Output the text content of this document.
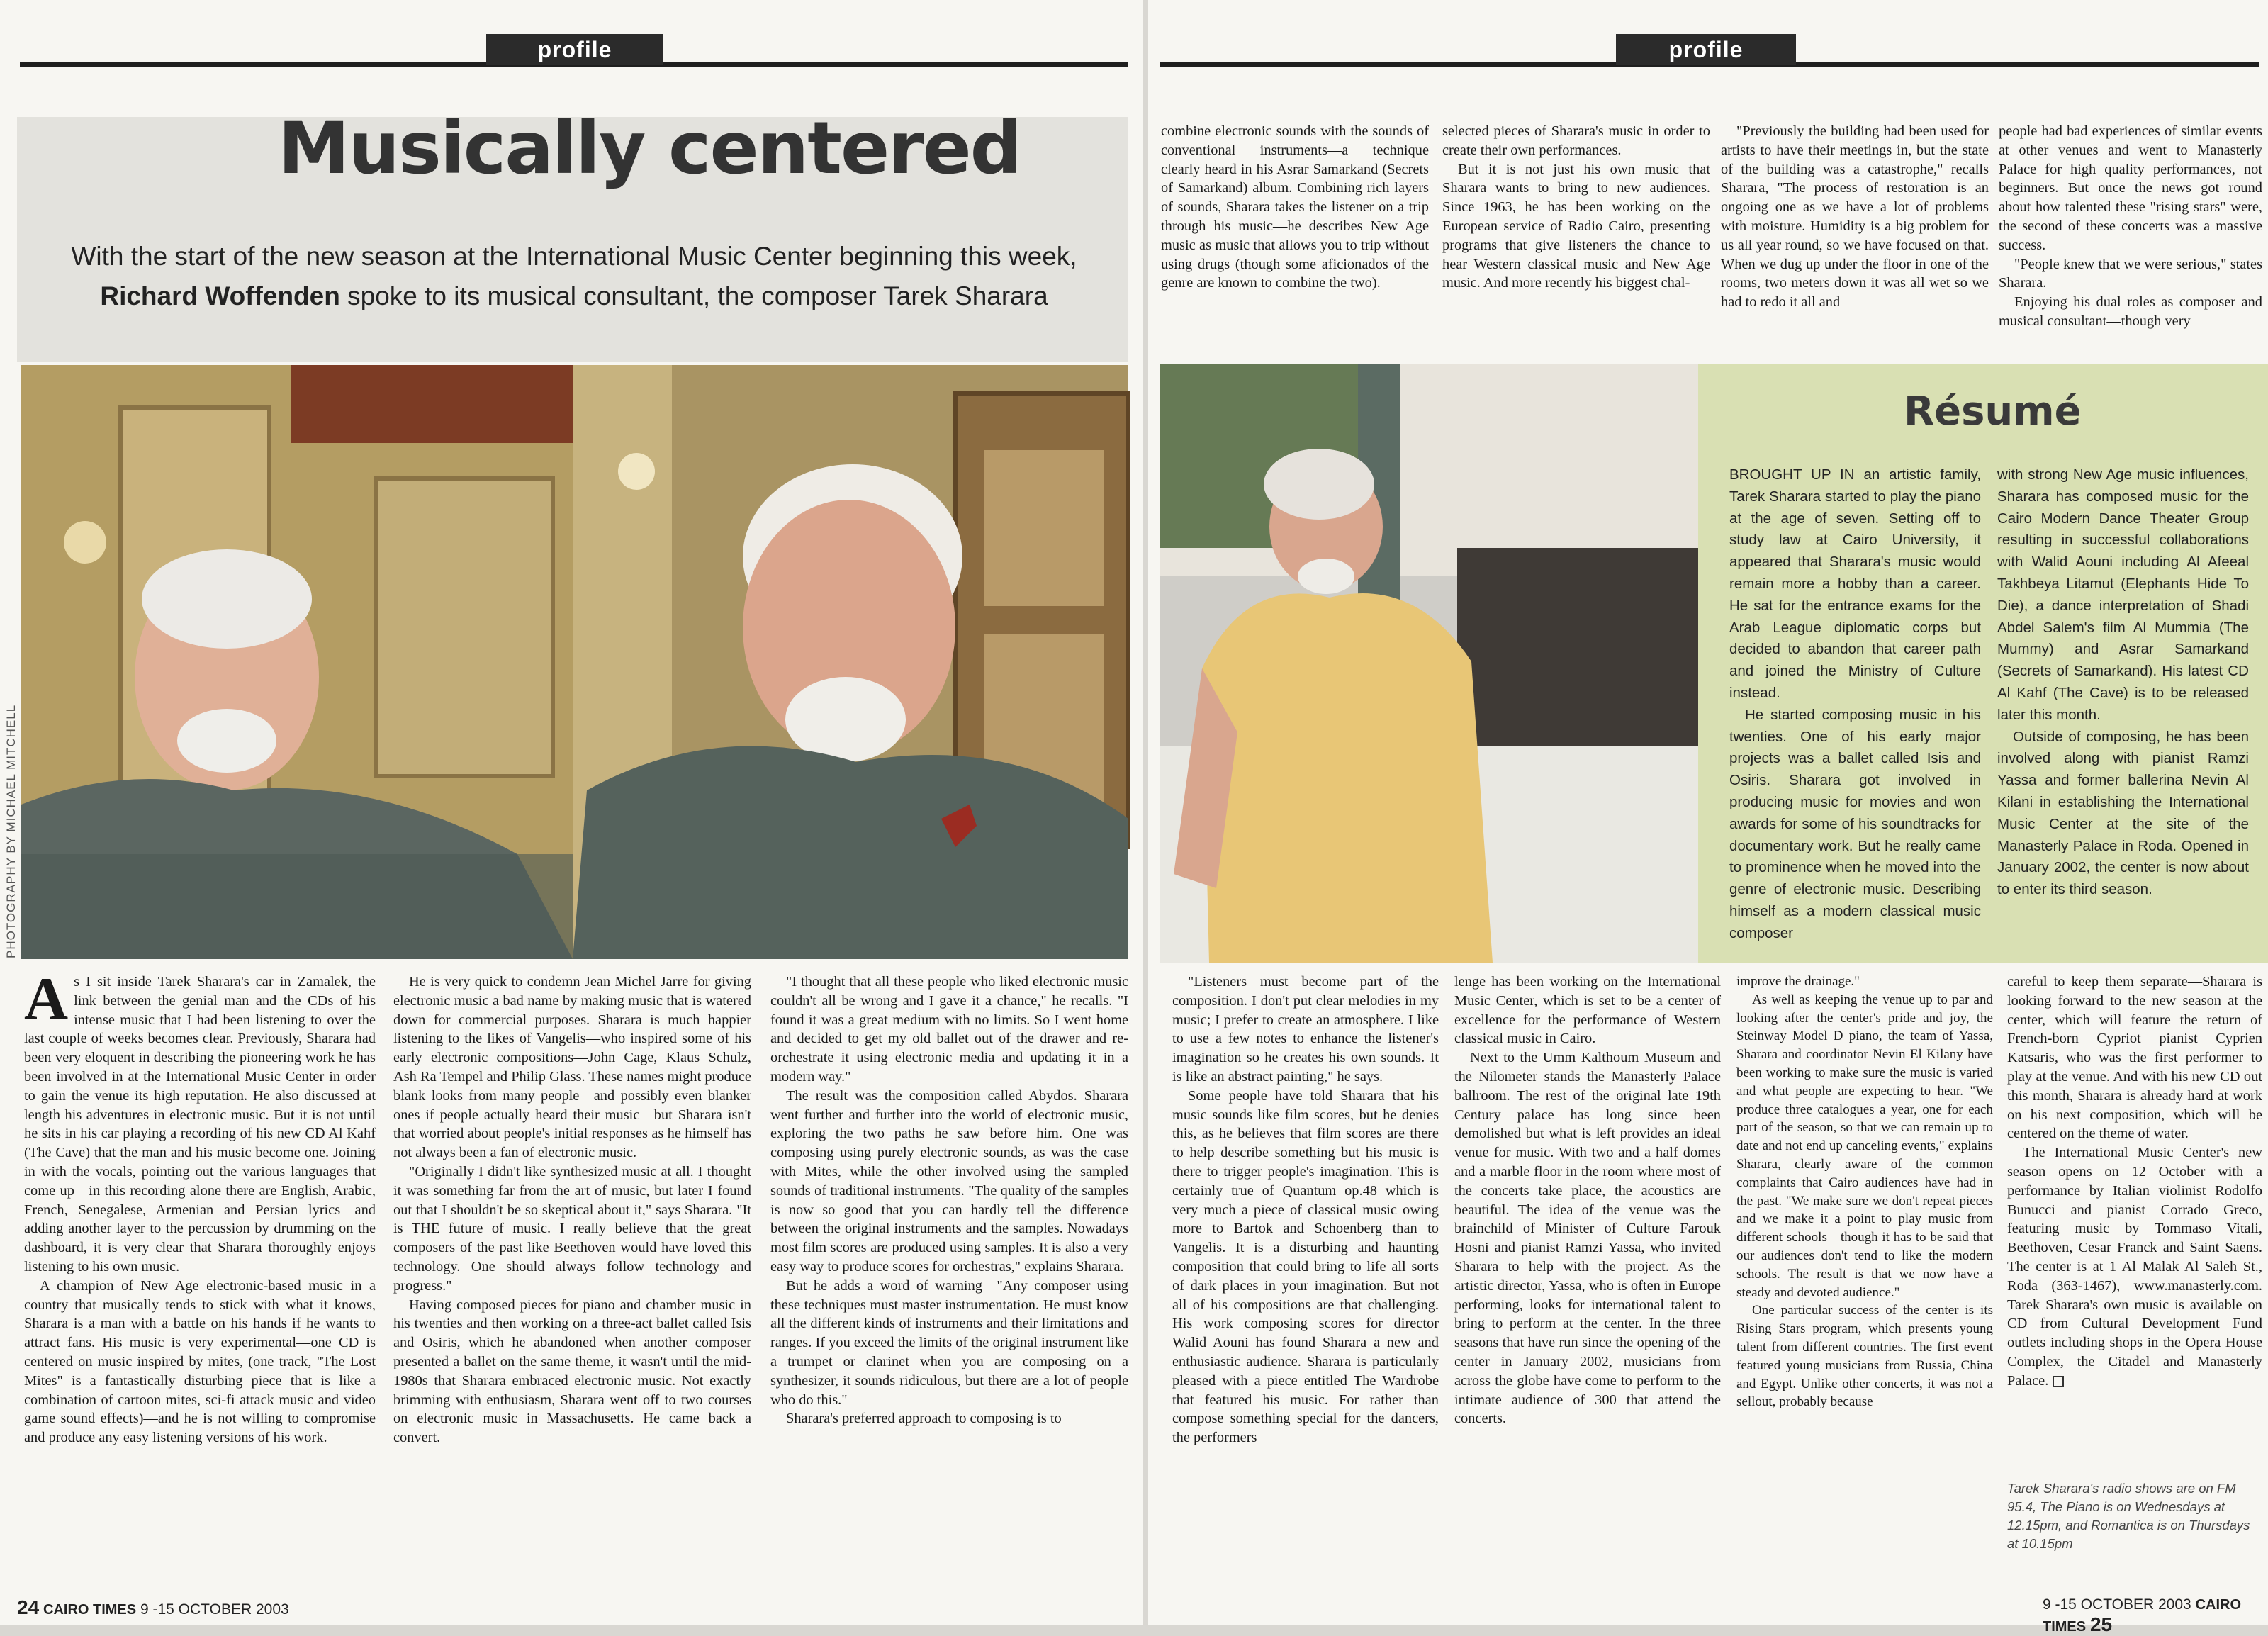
profile
Musically centered
With the start of the new season at the International Music Center beginning this week,
Richard Woffenden spoke to its musical consultant, the composer Tarek Sharara
PHOTOGRAPHY BY MICHAEL MITCHELL

As I sit inside Tarek Sharara's car in Zamalek, the link between the genial man and the CDs of his intense music that I had been listening to over the last couple of weeks becomes clear. Previously, Sharara had been very eloquent in describing the pioneering work he has been involved in at the International Music Center in order to gain the venue its high reputation. He also discussed at length his adventures in electronic music. But it is not until he sits in his car playing a recording of his new CD Al Kahf (The Cave) that the man and his music become one. Joining in with the vocals, pointing out the various languages that come up—in this recording alone there are English, Arabic, French, Senegalese, Armenian and Persian lyrics—and adding another layer to the percussion by drumming on the dashboard, it is very clear that Sharara thoroughly enjoys listening to his own music.

A champion of New Age electronic-based music in a country that musically tends to stick with what it knows, Sharara is a man with a battle on his hands if he wants to attract fans. His music is very experimental—one CD is centered on music inspired by mites, (one track, "The Lost Mites" is a fantastically disturbing piece that is like a combination of cartoon mites, sci-fi attack music and video game sound effects)—and he is not willing to compromise and produce any easy listening versions of his work.

He is very quick to condemn Jean Michel Jarre for giving electronic music a bad name by making music that is watered down for commercial purposes. Sharara is much happier listening to the likes of Vangelis—who inspired some of his early electronic compositions—John Cage, Klaus Schulz, Ash Ra Tempel and Philip Glass. These names might produce blank looks from many people—and possibly even blanker ones if people actually heard their music—but Sharara isn't that worried about people's initial responses as he himself has not always been a fan of electronic music.

"Originally I didn't like synthesized music at all. I thought it was something far from the art of music, but later I found out that I shouldn't be so skeptical about it," says Sharara. "It is THE future of music. I really believe that the great composers of the past like Beethoven would have loved this technology. One should always follow technology and progress."

Having composed pieces for piano and chamber music in his twenties and then working on a three-act ballet called Isis and Osiris, which he abandoned when another composer presented a ballet on the same theme, it wasn't until the mid-1980s that Sharara embraced electronic music. Not exactly brimming with enthusiasm, Sharara went off to two courses on electronic music in Massachusetts. He came back a convert.

"I thought that all these people who liked electronic music couldn't all be wrong and I gave it a chance," he recalls. "I found it was a great medium with no limits. So I went home and decided to get my old ballet out of the drawer and re-orchestrate it using electronic media and updating it in a modern way."

The result was the composition called Abydos. Sharara went further and further into the world of electronic music, exploring the two paths he saw before him. One was composing using purely electronic sounds, as was the case with Mites, while the other involved using the sampled sounds of traditional instruments. "The quality of the samples is now so good that you can hardly tell the difference between the original instruments and the samples. Nowadays most film scores are produced using samples. It is also a very easy way to produce scores for orchestras," explains Sharara.

But he adds a word of warning—"Any composer using these techniques must master instrumentation. He must know all the different kinds of instruments and their limitations and ranges. If you exceed the limits of the original instrument like a trumpet or clarinet when you are composing on a synthesizer, it sounds ridiculous, but there are a lot of people who do this."

Sharara's preferred approach to composing is to

24 CAIRO TIMES 9 -15 OCTOBER 2003
profile

combine electronic sounds with the sounds of conventional instruments—a technique clearly heard in his Asrar Samarkand (Secrets of Samarkand) album. Combining rich layers of sounds, Sharara takes the listener on a trip through his music—he describes New Age music as music that allows you to trip without using drugs (though some aficionados of the genre are known to combine the two).

selected pieces of Sharara's music in order to create their own performances.

But it is not just his own music that Sharara wants to bring to new audiences. Since 1963, he has been working on the European service of Radio Cairo, presenting programs that give listeners the chance to hear Western classical music and New Age music. And more recently his biggest chal-

"Previously the building had been used for artists to have their meetings in, but the state of the building was a catastrophe," recalls Sharara, "The process of restoration is an ongoing one as we have a lot of problems with moisture. Humidity is a big problem for us all year round, so we have focused on that. When we dug up under the floor in one of the rooms, two meters down it was all wet so we had to redo it all and

people had bad experiences of similar events at other venues and went to Manasterly Palace for high quality performances, not beginners. But once the news got round about how talented these "rising stars" were, the second of these concerts was a massive success.

"People knew that we were serious," states Sharara.

Enjoying his dual roles as composer and musical consultant—though very

Résumé

BROUGHT UP IN an artistic family, Tarek Sharara started to play the piano at the age of seven. Setting off to study law at Cairo University, it appeared that Sharara's music would remain more a hobby than a career. He sat for the entrance exams for the Arab League diplomatic corps but decided to abandon that career path and joined the Ministry of Culture instead.

He started composing music in his twenties. One of his early major projects was a ballet called Isis and Osiris. Sharara got involved in producing music for movies and won awards for some of his soundtracks for documentary work. But he really came to prominence when he moved into the genre of electronic music. Describing himself as a modern classical music composer

with strong New Age music influences, Sharara has composed music for the Cairo Modern Dance Theater Group resulting in successful collaborations with Walid Aouni including Al Afeeal Takhbeya Litamut (Elephants Hide To Die), a dance interpretation of Shadi Abdel Salem's film Al Mummia (The Mummy) and Asrar Samarkand (Secrets of Samarkand). His latest CD Al Kahf (The Cave) is to be released later this month.

Outside of composing, he has been involved along with pianist Ramzi Yassa and former ballerina Nevin Al Kilani in establishing the International Music Center at the site of the Manasterly Palace in Roda. Opened in January 2002, the center is now about to enter its third season.

"Listeners must become part of the composition. I don't put clear melodies in my music; I prefer to create an atmosphere. I like to use a few notes to enhance the listener's imagination so he creates his own sounds. It is like an abstract painting," he says.

Some people have told Sharara that his music sounds like film scores, but he denies this, as he believes that film scores are there to help describe something but his music is there to trigger people's imagination. This is certainly true of Quantum op.48 which is very much a piece of classical music owing more to Bartok and Schoenberg than to Vangelis. It is a disturbing and haunting composition that could bring to life all sorts of dark places in your imagination. But not all of his compositions are that challenging. His work composing scores for director Walid Aouni has found Sharara a new and enthusiastic audience. Sharara is particularly pleased with a piece entitled The Wardrobe that featured his music. For rather than compose something special for the dancers, the performers

lenge has been working on the International Music Center, which is set to be a center of excellence for the performance of Western classical music in Cairo.

Next to the Umm Kalthoum Museum and the Nilometer stands the Manasterly Palace ballroom. The rest of the original late 19th Century palace has long since been demolished but what is left provides an ideal venue for music. With two and a half domes and a marble floor in the room where most of the concerts take place, the acoustics are beautiful. The idea of the venue was the brainchild of Minister of Culture Farouk Hosni and pianist Ramzi Yassa, who invited Sharara to help with the project. As the artistic director, Yassa, who is often in Europe performing, looks for international talent to bring to perform at the center. In the three seasons that have run since the opening of the center in January 2002, musicians from across the globe have come to perform to the intimate audience of 300 that attend the concerts.

improve the drainage."

As well as keeping the venue up to par and looking after the center's pride and joy, the Steinway Model D piano, the team of Yassa, Sharara and coordinator Nevin El Kilany have been working to make sure the music is varied and what people are expecting to hear. "We produce three catalogues a year, one for each part of the season, so that we can remain up to date and not end up canceling events," explains Sharara, clearly aware of the common complaints that Cairo audiences have had in the past. "We make sure we don't repeat pieces and we make it a point to play music from different schools—though it has to be said that our audiences don't tend to like the modern schools. The result is that we now have a steady and devoted audience."

One particular success of the center is its Rising Stars program, which presents young talent from different countries. The first event featured young musicians from Russia, China and Egypt. Unlike other concerts, it was not a sellout, probably because

careful to keep them separate—Sharara is looking forward to the new season at the center, which will feature the return of French-born Cypriot pianist Cyprien Katsaris, who was the first performer to play at the venue. And with his new CD out this month, Sharara is already hard at work on his next composition, which will be centered on the theme of water.

The International Music Center's new season opens on 12 October with a performance by Italian violinist Rodolfo Bunucci and pianist Corrado Greco, featuring music by Tommaso Vitali, Beethoven, Cesar Franck and Saint Saens. The center is at 1 Al Malak Al Saleh St., Roda (363-1467), www.manasterly.com. Tarek Sharara's own music is available on CD from Cultural Development Fund outlets including shops in the Opera House Complex, the Citadel and Manasterly Palace.

Tarek Sharara's radio shows are on FM 95.4, The Piano is on Wednesdays at 12.15pm, and Romantica is on Thursdays at 10.15pm
9 -15 OCTOBER 2003 CAIRO TIMES 25
